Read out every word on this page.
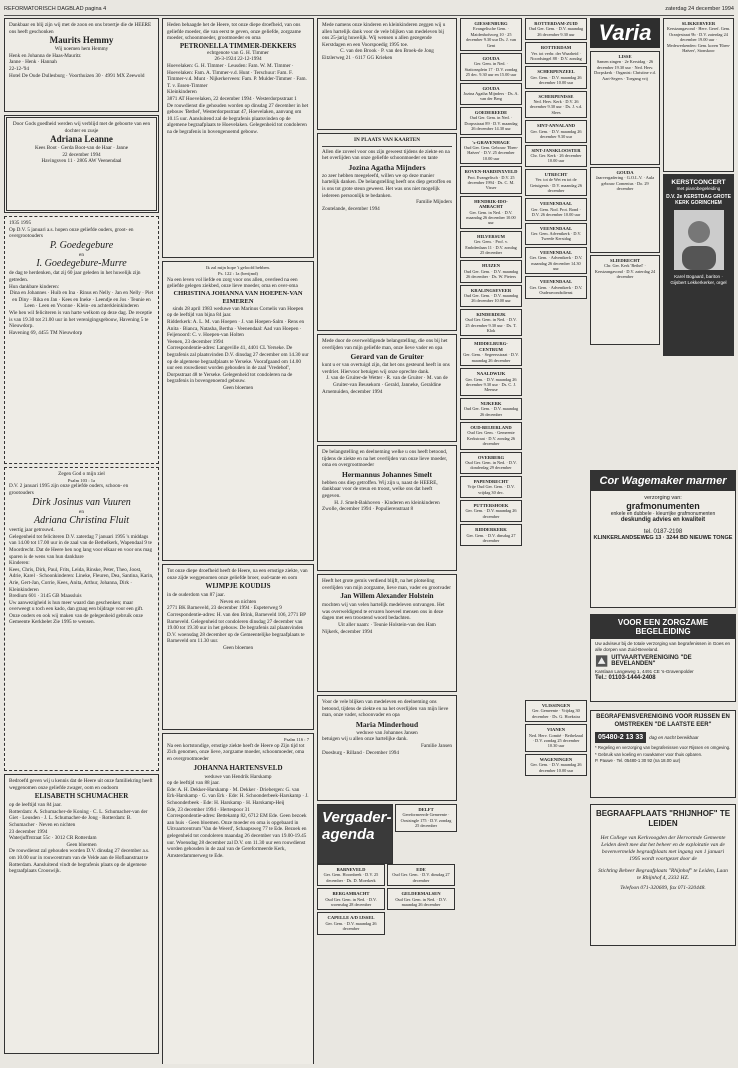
REFORMATORISCH DAGBLAD pagina 4	zaterdag 24 december 1994
Dankbaar en blij zijn wij met de zoon en ons broertje die de HEERE ons heeft geschonken
Maurits Hemmy
Wij noemen hem Hemmy
Henk en Johanna de Haas-Mauritz
Janne · Henk · Hannah
22-12-'94
Hotel De Oude Dullesburg · Voorthuizen 30 · 4991 MX Zeewold
Door Gods goedheid werden wij verblijd met de geboorte van een dochter en zusje
Adriana Leanne
Kees Boot · Gerda Boot-van de Haar · Janne
22 december 1994
Havingsven 11 · 2805 AW Veenendaal
1935 1995
Op D.V. 5 januari a.s. hopen onze geliefde ouders, groot- en overgrootouders
P. Goedegebure
en
I. Goedegebure-Murre
de dag te herdenken, dat zij 60 jaar geleden in het huwelijk zijn getreden.
Hun dankbare kinderen:
Dina en Johannes · Huib en Ina · Rinus en Nelly · Jan en Nelly · Piet en Diny · Rika en Jan · Kees en Ineke · Leendje en Jos · Teunie en Leen · Leen en Yvonne · Klein- en achterkleinkinderen
Wie hen wil feliciteren is van harte welkom op deze dag. De receptie is van 19.30 tot 21.00 uur in het verenigingsgebouw, Havening 5 te Nieuwdorp.
Havening 69, 4455 TM Nieuwdorp
Zegen God o mijn ziel
Psalm 103 : 1a
D.V. 2 januari 1995 zijn onze geliefde ouders, schoon- en grootouders
Dirk Josinus van Vuuren
en
Adriana Christina Fluit
veertig jaar getrouwd.
Gelegenheid tot feliciteren D.V. zaterdag 7 januari 1995 's middags van 14.00 tot 17.00 uur in de zaal van de Bethelkerk, Wapendaal 9 te Moordrecht. Dat de Heere hen nog lang voor elkaar en voor ons mag sparen is de wens van hun dankbare
Kinderen:
Kees, Chris, Dirk, Paul, Frits, Leida, Rinske, Peter, Theo, Joost, Adrie, Karel · Schoonkinderen: Lineke, Fleuren, Dea, Santina, Karin, Arie, Gert-Jan, Corrie, Kees, Anita, Arthur, Johanna, Dirk · Kleinkinderen
Bredium 601 · 3145 GB Maassluis
Uw aanwezigheid is hun meer waard dan geschenken; maar overweegt u toch een kado, dan graag een bijdrage voor een gift.
Onze ouders en ook wij maken van de gelegenheid gebruik onze Gemeente Kerkbelet Zie 1995 te wensen.
Bedroefd geven wij u kennis dat de Heere uit onze familiekring heeft weggenomen onze geliefde zwager, oom en oudoom
ELISABETH SCHUMACHER
op de leeftijd van 84 jaar.
Rotterdam: A. Schumacher-de Koning · C. L. Schumacher-van der Giet · Leusden · J. L. Schumacher-de Jong · Rotterdam: B. Schumacher · Neven en nichten
23 december 1994
Waterjuffrstraat 55c · 3012 CR Rotterdam
Geen bloemen
De rouwdienst zal gehouden worden D.V. dinsdag 27 december a.s. om 10.00 uur in rouwcentrum van de Velde aan de Hoflaanstraat te Rotterdam. Aansluitend vindt de begrafenis plaats op de algemene begraafplaats Crooswijk.
Heden behaagde het de Heere, tot onze diepe droefheid, van ons geliefde moeder, die van eerst te geven, onze geliefde, zorgzame moeder, schoonmoeder, grootmoeder en oma
PETRONELLA TIMMER-DEKKERS
echtgenote van G. H. Timmer
26-3-1924 22-12-1994
Hoevelaken: G. H. Timmer · Leusden: Fam. W. M. Timmer · Hoevelaken: Fam. A. Timmer-v.d. Hunt · Terschuur: Fam. F. Timmer-v.d. Munt · Nijkerkerveen: Fam. P. Mulder-Timmer · Fam. T. v. Essen-Timmer
Kleinkinderen
3871 AT Hoevelaken, 22 december 1994 · Westerdorpsstraat 1
De rouwdienst die gehouden worden op dinsdag 27 december in het gebouw 'Bethel', Westerdorpsstraat 47, Hoevelaken, aanvang om 10.15 uur. Aansluitend zal de begrafenis plaatsvinden op de algemene begraafplaats te Hoevelaken. Gelegenheid tot condoleren na de begrafenis in bovengenoemd gebouw.
Ik zal mijn hope 't geloofd hebben.
Ps. 122 : 1a (berijmd)
Na een leven vol liefde en zorg voor ons allen, overleed na een geliefde gelegen ziekbed, onze lieve moeder, oma en over-oma
CHRISTINA JOHANNA VAN HOEPEN-VAN EIMEREN
sinds 28 april 1983 weduwe van Marinus Cornelis van Hoepen
op de leeftijd van bijna 84 jaar.
Ridderkerk: A. L. M. van Hoepen · J. van Hoepen-Salm · Rens en Anita · Bianca, Natasha, Bertha · Veenendaal: Aad van Hoepen · Feijenoord: C. v. Hoepen-van Holten
Veenen, 23 december 1994
Correspondentie-adres: Langeville 41, 4401 CL Yerseke. De begrafenis zal plaatsvinden D.V. dinsdag 27 december om 14.30 uur op de algemene begraafplaats te Yerseke. Voorafgaand om 14.00 uur een rouwdienst worden gehouden in de zaal 'Vredehof', Dorpsstraat 48 te Yerseke. Gelegenheid tot condoleren na de begrafenis in bovengenoemd gebouw.
Geen bloemen
Tot onze diepe droefheid heeft de Heere, na een ernstige ziekte, van onze zijde weggenomen onze geliefde broer, oud-tante en oom
WIJMPJE KOUDIJS
in de ouderdom van 87 jaar.
Neven en nichten
2771 BK Barneveld, 23 december 1994 · Espeterweg 9
Correspondentie-adres: H. van den Brink, Barneveld 106, 2771 BP Barneveld. Gelegenheid tot condoleren dinsdag 27 december van 19.00 tot 19.30 uur in het gebouw. De begrafenis zal plaatsvinden D.V. woensdag 28 december op de Gemeentelijke begraafplaats te Barneveld om 11.30 uur.
Geen bloemen
Psalm 116 : 7
Na een kortstondige, ernstige ziekte heeft de Heere op Zijn tijd tot Zich genomen, onze lieve, zorgzame moeder, schoonmoeder, oma en overgrootmoeder
JOHANNA HARTENSVELD
weduwe van Hendrik Harskamp
op de leeftijd van 88 jaar.
Ede: A. H. Dekker-Harskamp · M. Dekker · Driebergen: G. van Erk-Harskamp · G. van Erk · Ede: H. Schoonderbeek-Harskamp · J. Schoonderbeek · Ede: H. Harskamp · H. Harskamp-Heij
Ede, 23 december 1994 · Hertespoor 31
Correspondentie-adres: Bettekamp 82, 6712 EM Ede. Geen bezoek aan huis · Geen bloemen. Onze moeder en oma is opgebaard in Uitvaartcentrum 'Van de Weerd', Schaapsweg 77 te Ede. Bezoek en gelegenheid tot condoleren maandag 26 december van 19.00-19.45 uur. Woensdag 28 december zal D.V. om 11.30 uur een rouwdienst worden gehouden in de zaal van de Gereformeerde Kerk, Amsterdammerweg te Ede.
Mede namens onze kinderen en kleinkinderen zeggen wij u allen hartelijk dank voor de vele blijken van medeleven bij ons 25-jarig huwelijk. Wij wensen u allen gezegende Kerstdagen en een Voorspoedig 1995 toe.
C. van den Brook · P. van den Broek-de Jong
Eitzlerweg 21 · 6117 GG Krieken
IN PLAATS VAN KAARTEN
Allen die zoveel voor ons zijn geweest tijdens de ziekte en na het overlijden van onze geliefde schoonmoeder en tante
Jozina Agatha Mijnders
zo zeer hebben meegeleefd, willen we op deze manier hartelijk danken. De belangstelling heeft ons diep getroffen en is ons tot grote steun geweest. Het was ons niet mogelijk iedereen persoonlijk te bedanken.
Familie Mijnders
Zoutelande, december 1994
Mede door de overweldigende belangstelling, die ons bij het overlijden van mijn geliefde man, onze lieve vader en opa
Gerard van de Gruiter
kunt u er van overtuigd zijn, dat het ons gesteund heeft in ons verdriet. Hiervoor betuigen wij onze oprechte dank.
J. van de Gruiter-de Wetter · R. van de Gruiter · M. van de Gruiter-van Beusekom · Gerald, Janneke, Geraldine
Arnemuiden, december 1994
De belangstelling en deelneming welke u ons heeft betoond, tijdens de ziekte en na het overlijden van onze lieve moeder, oma en overgrootmoeder
Hermannus Johannes Smelt
hebben ons diep getroffen. Wij zijn u, naast de HEERE, dankbaar voor de steun en troost, welke ons dat heeft gegeven.
H. J. Smelt-Bakhoven · Kinderen en kleinkinderen
Zwolle, december 1994 · Populierenstraat 8
Heeft het grote gemis verdiend blijft, na het plotseling overlijden van mijn zorgzame, lieve man, vader en grootvader
Jan Willem Alexander Holstein
mochten wij van velen hartelijk medeleven ontvangen. Het was overweldigend te ervaren hoeveel mensen ons in deze dagen met een troostend woord bedachten.
Uit aller naam: · Teunie Holstein-van den Ham
Nijkerk, december 1994
Voor de vele blijken van medeleven en deelneming ons betoond, tijdens de ziekte en na het overlijden van mijn lieve man, onze vader, schoonvader en opa
Maria Minderhoud
weduwe van Johannes Jansen
betuigen wij u allen onze hartelijke dank.
Familie Jansen
Doesburg - Rilland · December 1994
Vergader-agenda
DELFT
Gereformeerde Gemeente · Oostsingle 175 · D.V. zondag 25 december
BARNEVELD
Ger. Gem. Hoornbeek · D.V. 25 december · Ds. D. Moerkerk
BERGAMBACHT
Oud Ger. Gem. in Ned. · D.V. woensdag 28 december
CAPELLE A/D IJSSEL
Ger. Gem. · D.V. maandag 26 december
EDE
Oud Ger. Gem. · D.V. dinsdag 27 december
GELDERMALSEN
Oud Ger. Gem. in Ned. · D.V. maandag 26 december
GIESSENBURG
Evangelische Gem. · Maidenhofsweg 10 · 25 december 9.30 uur Ds. J. van Gent
GOUDA
Ger. Gem. in Ned. · Stationsplein 17 · D.V. zondag 25 dec. 9.30 uur en 15.00 uur
GOUDA
Jozina Agatha Mijnders · Ds. A. van der Berg
GOEDEREEDE
Oud Ger. Gem. in Ned. · Dorpsstraat 89 · D.V. maandag 26 december 14.30 uur
's-GRAVENHAGE
Oud Ger. Gem. Gebouw 'Eben-Haëzer' · D.V. 25 december 10.00 uur
ROVEN-HARDINXVELD
Prot. Evangelisch · D.V. 25 december 1994 · Ds. C. M. Visser
HENDRIK-IDO-AMBACHT
Ger. Gem. in Ned. · D.V. maandag 26 december 10.00 uur
HILVERSUM
Ger. Gem. · Prof. v. Embdenlaan 11 · D.V. zondag 25 december
HUIZEN
Oud Ger. Gem. · D.V. maandag 26 december · Ds. W. Pieters
KRALINGSEVEER
Oud Ger. Gem. · D.V. maandag 26 december 10.00 uur
KINDERDIJK
Oud Ger. Gem. in Ned. · D.V. 25 december 9.30 uur · Ds. T. Klok
MIDDELBURG-CENTRUM
Ger. Gem. · Segeersstraat · D.V. maandag 26 december
NAALDWIJK
Ger. Gem. · D.V. maandag 26 december 9.30 uur · Ds. C. J. Meeuse
NIJKERK
Oud Ger. Gem. · D.V. maandag 26 december
OUD-BEIJERLAND
Oud Ger. Gem. · Gemeente Kerkstraat · D.V. zondag 26 december
OVERBERG
Oud Ger. Gem. in Ned. · D.V. donderdag 29 december
PAPENDRECHT
Vrije Oud Ger. Gem. · D.V. vrijdag 30 dec.
PUTTERSHOEK
Ger. Gem. · D.V. maandag 26 december
RIDDERKERK
Ger. Gem. · D.V. dinsdag 27 december
ROTTERDAM-ZUID
Oud Ger. Gem. · D.V. maandag 26 december 9.30 uur
ROTTERDAM
Ver. tot verbr. der Waarheid · Noordsingel 88 · D.V. zondag
SCHERPENZEEL
Ger. Gem. · D.V. maandag 26 december 10.00 uur
SCHERPENISSE
Ned. Herv. Kerk · D.V. 26 december 9.30 uur · Ds. J. v.d. Slees
SINT-ANNALAND
Ger. Gem. · D.V. maandag 26 december 9.30 uur
SINT-JANSKLOOSTER
Chr. Ger. Kerk · 26 december 10.00 uur
UTRECHT
Ver. tot de Wet en tot de Getuigenis · D.V. maandag 26 december
VEENENDAAL
Ger. Gem. Nod. Prot. Bond · D.V. 26 december 10.00 uur
VEENENDAAL
Ger. Gem. Adventkerk · D.V. Tweede Kerstdag
VEENENDAAL
Ger. Gem. · Adventkerk · D.V. maandag 26 december 14.30 uur
VEENENDAAL
Ger. Gem. · Adventkerk · D.V. Ouderavondsdienst
VLISSINGEN
Ger. Gemeente · Vrijdag 30 december · Ds. G. Hoekstra
VIANEN
Ned. Herv. Comité · Bethelzaal · D.V. zondag 25 december 10.30 uur
WAGENINGEN
Ger. Gem. · D.V. maandag 26 december 10.00 uur
Varia
LISSE
Samen zingen · 2e Kerstdag · 26 december 19.30 uur · Ned. Herv. Dorpskerk · Organist: Christine v.d. Aart-Segers · Toegang vrij
GOUDA
Jaarvergadering · G.O.L.V. · Aula gebouw Comenius · Do. 29 december
SLIEDRECHT
Chr. Ger. Kerk 'Bethel' · Kerstzangavond · D.V. zaterdag 24 december
SLIKKERVEER
Kerstzangavond · Herv. Geref. Gem. Oranjestraat 9b · D.V. zaterdag 24 december 19.00 uur · Medewerkenden: Gem. koren 'Eben-Haëzer', Sionskoor
KERSTCONCERT
met pianobegeleiding
D.V. 2e KERSTDAG GROTE KERK GORINCHEM
Karel Bogaard, bariton · Gijsbert Lekkerkerker, orgel
Cor Wagemaker marmer
verzorging van:
grafmonumenten
enkele en dubbele · kleurrijke grafmonumenten
deskundig advies en kwaliteit
tel. 0187-2198
KLINKERLANDSEWEG 13 · 3244 BD NIEUWE TONGE
VOOR EEN ZORGZAME BEGELEIDING
Uw adviseur bij de totale verzorging van begrafenissen in Goes en alle dorpen van Zuid-Beveland.
UITVAARTVERENIGING "DE BEVELANDEN"
Karslaan Langeweg 1, 4491 CE 's-Gravenpolder
Tel.: 01103-1444-2408
BEGRAFENISVERENIGING VOOR RIJSSEN EN OMSTREKEN "DE LAATSTE EER"
05480-2 13 33	dag en nacht bereikbaar
* Regeling en verzorging van begrafenissen voor Rijssen en omgeving.
* Gebruik van koeling en rouwkamer voor thuis opbaren.
P. Pauwe · Tel. 05480-1 30 92 (na 18.00 uur)
BEGRAAFPLAATS "RHIJNHOF" TE LEIDEN
Het College van Kerkvoogden der Hervormde Gemeente Leiden deelt mee dat het beheer en de exploitatie van de bovenvermelde begraafplaats met ingang van 1 januari 1995 wordt voortgezet door de
Stichting Beheer Begraafplaats "Rhijnhof" te Leiden, Laan te Rhijnhof 4, 2332 HZ.
Telefoon 071-320609, fax 071-320448.
